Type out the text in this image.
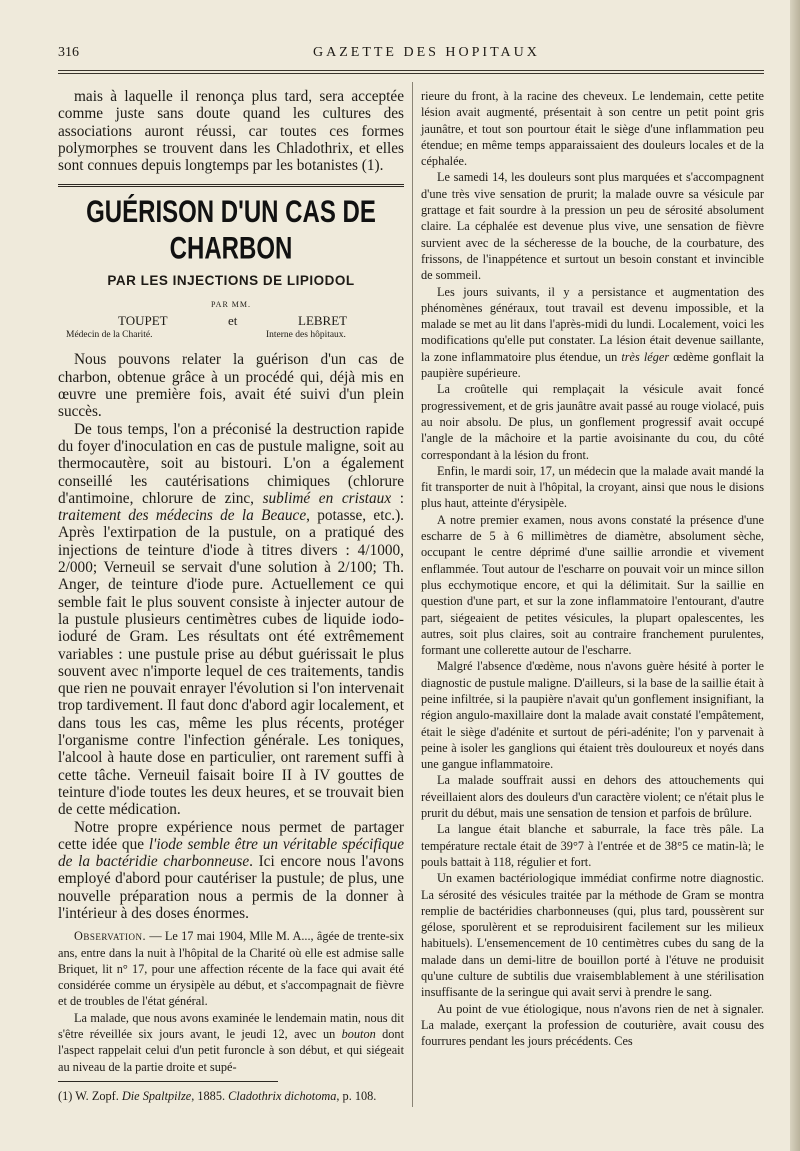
316	GAZETTE DES HOPITAUX

mais à laquelle il renonça plus tard, sera acceptée comme juste sans doute quand les cultures des associations auront réussi, car toutes ces formes polymorphes se trouvent dans les Chladothrix, et elles sont connues depuis longtemps par les botanistes (1).

GUÉRISON D'UN CAS DE CHARBON
PAR LES INJECTIONS DE LIPIODOL
PAR MM.
TOUPET	et	LEBRET
Médecin de la Charité.	Interne des hôpitaux.

Nous pouvons relater la guérison d'un cas de charbon, obtenue grâce à un procédé qui, déjà mis en œuvre une première fois, avait été suivi d'un plein succès.

De tous temps, l'on a préconisé la destruction rapide du foyer d'inoculation en cas de pustule maligne, soit au thermocautère, soit au bistouri. L'on a également conseillé les cautérisations chimiques (chlorure d'antimoine, chlorure de zinc, sublimé en cristaux : traitement des médecins de la Beauce, potasse, etc.). Après l'extirpation de la pustule, on a pratiqué des injections de teinture d'iode à titres divers : 4/1000, 2/000; Verneuil se servait d'une solution à 2/100; Th. Anger, de teinture d'iode pure. Actuellement ce qui semble fait le plus souvent consiste à injecter autour de la pustule plusieurs centimètres cubes de liquide iodo-ioduré de Gram. Les résultats ont été extrêmement variables : une pustule prise au début guérissait le plus souvent avec n'importe lequel de ces traitements, tandis que rien ne pouvait enrayer l'évolution si l'on intervenait trop tardivement. Il faut donc d'abord agir localement, et dans tous les cas, même les plus récents, protéger l'organisme contre l'infection générale. Les toniques, l'alcool à haute dose en particulier, ont rarement suffi à cette tâche. Verneuil faisait boire II à IV gouttes de teinture d'iode toutes les deux heures, et se trouvait bien de cette médication.

Notre propre expérience nous permet de partager cette idée que l'iode semble être un véritable spécifique de la bactéridie charbonneuse. Ici encore nous l'avons employé d'abord pour cautériser la pustule; de plus, une nouvelle préparation nous a permis de la donner à l'intérieur à des doses énormes.

Observation. — Le 17 mai 1904, Mlle M. A..., âgée de trente-six ans, entre dans la nuit à l'hôpital de la Charité où elle est admise salle Briquet, lit n° 17, pour une affection récente de la face qui avait été considérée comme un érysipèle au début, et s'accompagnait de fièvre et de troubles de l'état général.

La malade, que nous avons examinée le lendemain matin, nous dit s'être réveillée six jours avant, le jeudi 12, avec un bouton dont l'aspect rappelait celui d'un petit furoncle à son début, et qui siégeait au niveau de la partie droite et supé-

(1) W. Zopf. Die Spaltpilze, 1885. Cladothrix dichotoma, p. 108.

rieure du front, à la racine des cheveux. Le lendemain, cette petite lésion avait augmenté, présentait à son centre un petit point gris jaunâtre, et tout son pourtour était le siège d'une inflammation peu étendue; en même temps apparaissaient des douleurs locales et de la céphalée.

Le samedi 14, les douleurs sont plus marquées et s'accompagnent d'une très vive sensation de prurit; la malade ouvre sa vésicule par grattage et fait sourdre à la pression un peu de sérosité absolument claire. La céphalée est devenue plus vive, une sensation de fièvre survient avec de la sécheresse de la bouche, de la courbature, des frissons, de l'inappétence et surtout un besoin constant et invincible de sommeil.

Les jours suivants, il y a persistance et augmentation des phénomènes généraux, tout travail est devenu impossible, et la malade se met au lit dans l'après-midi du lundi. Localement, voici les modifications qu'elle put constater. La lésion était devenue saillante, la zone inflammatoire plus étendue, un très léger œdème gonflait la paupière supérieure.

La croûtelle qui remplaçait la vésicule avait foncé progressivement, et de gris jaunâtre avait passé au rouge violacé, puis au noir absolu. De plus, un gonflement progressif avait occupé l'angle de la mâchoire et la partie avoisinante du cou, du côté correspondant à la lésion du front.

Enfin, le mardi soir, 17, un médecin que la malade avait mandé la fit transporter de nuit à l'hôpital, la croyant, ainsi que nous le disions plus haut, atteinte d'érysipèle.

A notre premier examen, nous avons constaté la présence d'une escharre de 5 à 6 millimètres de diamètre, absolument sèche, occupant le centre déprimé d'une saillie arrondie et vivement enflammée. Tout autour de l'escharre on pouvait voir un mince sillon plus ecchymotique encore, et qui la délimitait. Sur la saillie en question d'une part, et sur la zone inflammatoire l'entourant, d'autre part, siégeaient de petites vésicules, la plupart opalescentes, les autres, soit plus claires, soit au contraire franchement purulentes, formant une collerette autour de l'escharre.

Malgré l'absence d'œdème, nous n'avons guère hésité à porter le diagnostic de pustule maligne. D'ailleurs, si la base de la saillie était à peine infiltrée, si la paupière n'avait qu'un gonflement insignifiant, la région angulo-maxillaire dont la malade avait constaté l'empâtement, était le siège d'adénite et surtout de péri-adénite; l'on y parvenait à peine à isoler les ganglions qui étaient très douloureux et noyés dans une gangue inflammatoire.

La malade souffrait aussi en dehors des attouchements qui réveillaient alors des douleurs d'un caractère violent; ce n'était plus le prurit du début, mais une sensation de tension et parfois de brûlure.

La langue était blanche et saburrale, la face très pâle. La température rectale était de 39°7 à l'entrée et de 38°5 ce matin-là; le pouls battait à 118, régulier et fort.

Un examen bactériologique immédiat confirme notre diagnostic. La sérosité des vésicules traitée par la méthode de Gram se montra remplie de bactéridies charbonneuses (qui, plus tard, poussèrent sur gélose, sporulèrent et se reproduisirent facilement sur les milieux habituels). L'ensemencement de 10 centimètres cubes du sang de la malade dans un demi-litre de bouillon porté à l'étuve ne produisit qu'une culture de subtilis due vraisemblablement à une stérilisation insuffisante de la seringue qui avait servi à prendre le sang.

Au point de vue étiologique, nous n'avons rien de net à signaler. La malade, exerçant la profession de couturière, avait cousu des fourrures pendant les jours précédents. Ces
